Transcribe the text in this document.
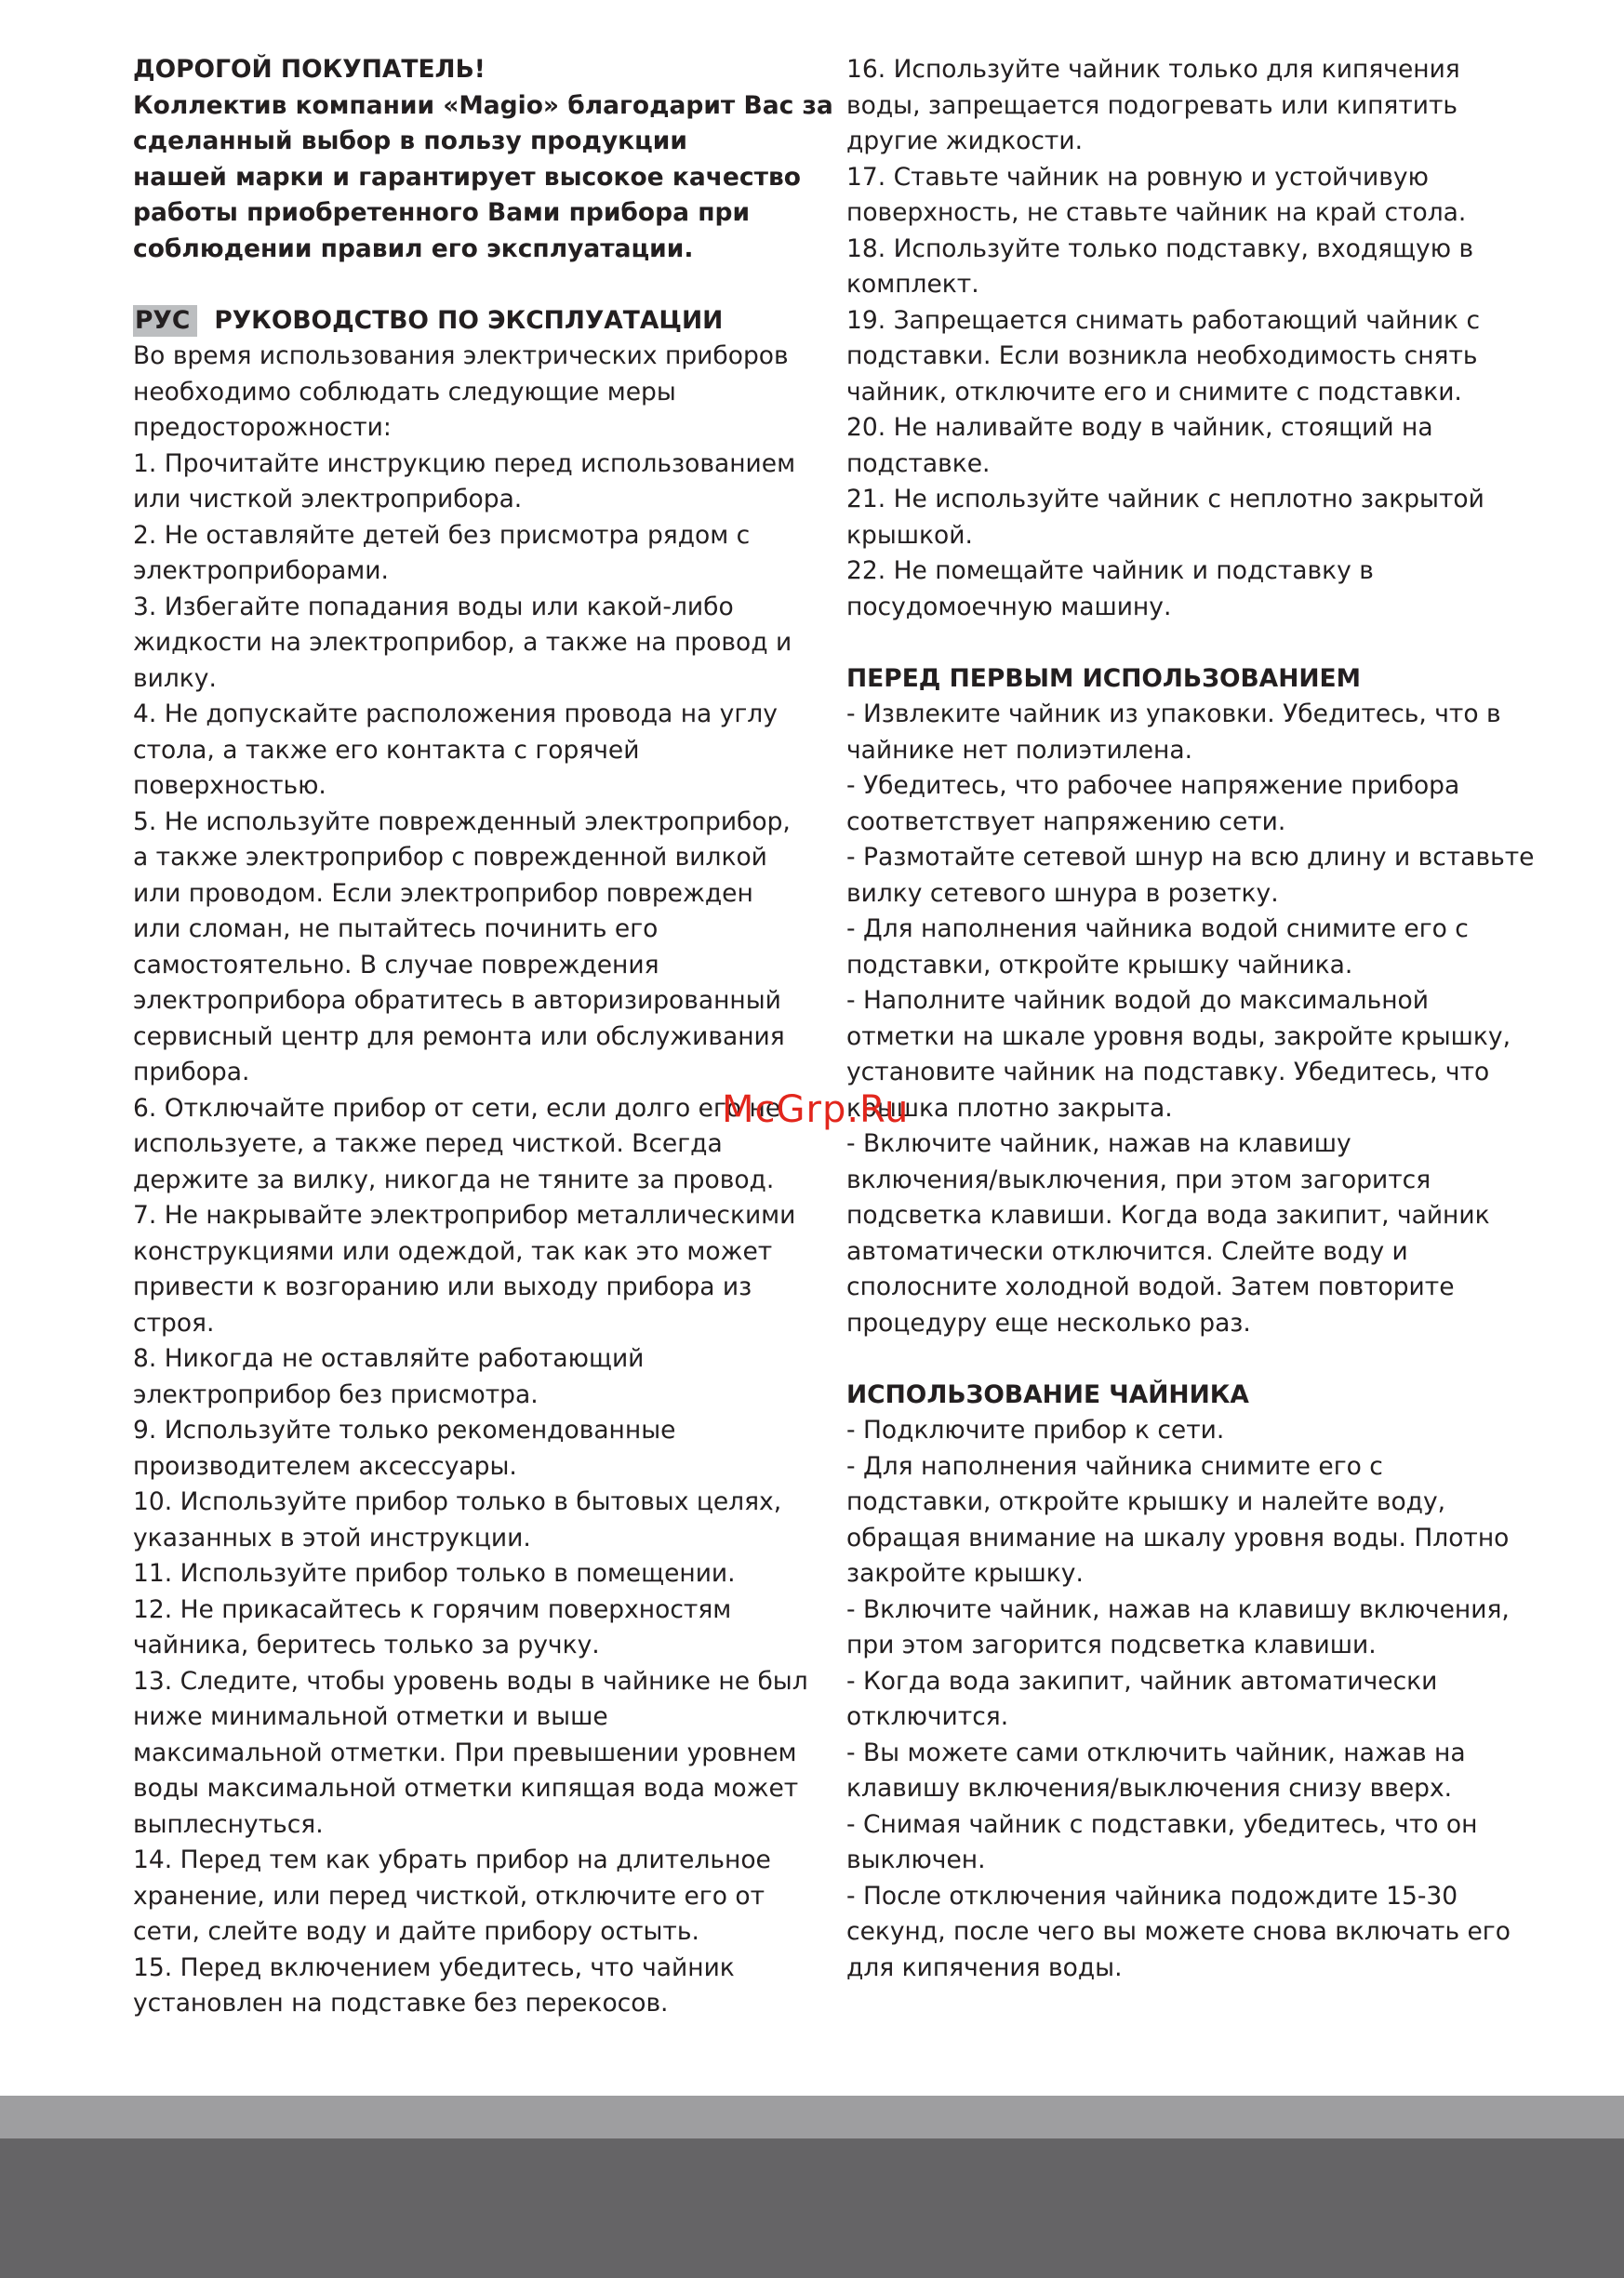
ДОРОГОЙ ПОКУПАТЕЛЬ!
Коллектив компании «Magio» благодарит Вас за
сделанный выбор в пользу продукции
нашей марки и гарантирует высокое качество
работы приобретенного Вами прибора при
соблюдении правил его эксплуатации.
РУС РУКОВОДСТВО ПО ЭКСПЛУАТАЦИИ
Во время использования электрических приборов
необходимо соблюдать следующие меры
предосторожности:
1. Прочитайте инструкцию перед использованием
или чисткой электроприбора.
2. Не оставляйте детей без присмотра рядом с
электроприборами.
3. Избегайте попадания воды или какой-либо
жидкости на электроприбор, а также на провод и
вилку.
4. Не допускайте расположения провода на углу
стола, а также его контакта с горячей
поверхностью.
5. Не используйте поврежденный электроприбор,
а также электроприбор с поврежденной вилкой
или проводом. Если электроприбор поврежден
или сломан, не пытайтесь починить его
самостоятельно. В случае повреждения
электроприбора обратитесь в авторизированный
сервисный центр для ремонта или обслуживания
прибора.
6. Отключайте прибор от сети, если долго его не
используете, а также перед чисткой. Всегда
держите за вилку, никогда не тяните за провод.
7. Не накрывайте электроприбор металлическими
конструкциями или одеждой, так как это может
привести к возгоранию или выходу прибора из
строя.
8. Никогда не оставляйте работающий
электроприбор без присмотра.
9. Используйте только рекомендованные
производителем аксессуары.
10. Используйте прибор только в бытовых целях,
указанных в этой инструкции.
11. Используйте прибор только в помещении.
12. Не прикасайтесь к горячим поверхностям
чайника, беритесь только за ручку.
13. Следите, чтобы уровень воды в чайнике не был
ниже минимальной отметки и выше
максимальной отметки. При превышении уровнем
воды максимальной отметки кипящая вода может
выплеснуться.
14. Перед тем как убрать прибор на длительное
хранение, или перед чисткой, отключите его от
сети, слейте воду и дайте прибору остыть.
15. Перед включением убедитесь, что чайник
установлен на подставке без перекосов.
16. Используйте чайник только для кипячения
воды, запрещается подогревать или кипятить
другие жидкости.
17. Ставьте чайник на ровную и устойчивую
поверхность, не ставьте чайник на край стола.
18. Используйте только подставку, входящую в
комплект.
19. Запрещается снимать работающий чайник с
подставки. Если возникла необходимость снять
чайник, отключите его и снимите с подставки.
20. Не наливайте воду в чайник, стоящий на
подставке.
21. Не используйте чайник с неплотно закрытой
крышкой.
22. Не помещайте чайник и подставку в
посудомоечную машину.
ПЕРЕД ПЕРВЫМ ИСПОЛЬЗОВАНИЕМ
- Извлеките чайник из упаковки. Убедитесь, что в
чайнике нет полиэтилена.
- Убедитесь, что рабочее напряжение прибора
соответствует напряжению сети.
- Размотайте сетевой шнур на всю длину и вставьте
вилку сетевого шнура в розетку.
- Для наполнения чайника водой снимите его с
подставки, откройте крышку чайника.
- Наполните чайник водой до максимальной
отметки на шкале уровня воды, закройте крышку,
установите чайник на подставку. Убедитесь, что
крышка плотно закрыта.
- Включите чайник, нажав на клавишу
включения/выключения, при этом загорится
подсветка клавиши. Когда вода закипит, чайник
автоматически отключится. Слейте воду и
сполосните холодной водой. Затем повторите
процедуру еще несколько раз.
ИСПОЛЬЗОВАНИЕ ЧАЙНИКА
- Подключите прибор к сети.
- Для наполнения чайника снимите его с
подставки, откройте крышку и налейте воду,
обращая внимание на шкалу уровня воды. Плотно
закройте крышку.
- Включите чайник, нажав на клавишу включения,
при этом загорится подсветка клавиши.
- Когда вода закипит, чайник автоматически
отключится.
- Вы можете сами отключить чайник, нажав на
клавишу включения/выключения снизу вверх.
- Снимая чайник с подставки, убедитесь, что он
выключен.
- После отключения чайника подождите 15-30
секунд, после чего вы можете снова включать его
для кипячения воды.
McGrp.Ru
